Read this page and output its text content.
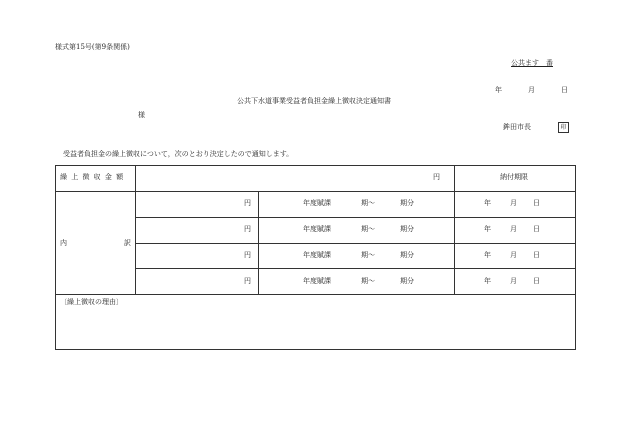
様式第15号(第9条関係)
公共ます　番
年	月	日
公共下水道事業受益者負担金繰上徴収決定通知書
様
鉾田市長	印
受益者負担金の繰上徴収について，次のとおり決定したので通知します。
繰 上 徴 収 金 額	円	納付期限
内	訳
円	年度賦課	期～	期分	年	月 日
円	年度賦課	期～	期分	年	月 日
円	年度賦課	期～	期分	年	月 日
円	年度賦課	期～	期分	年	月 日
〔繰上徴収の理由〕
